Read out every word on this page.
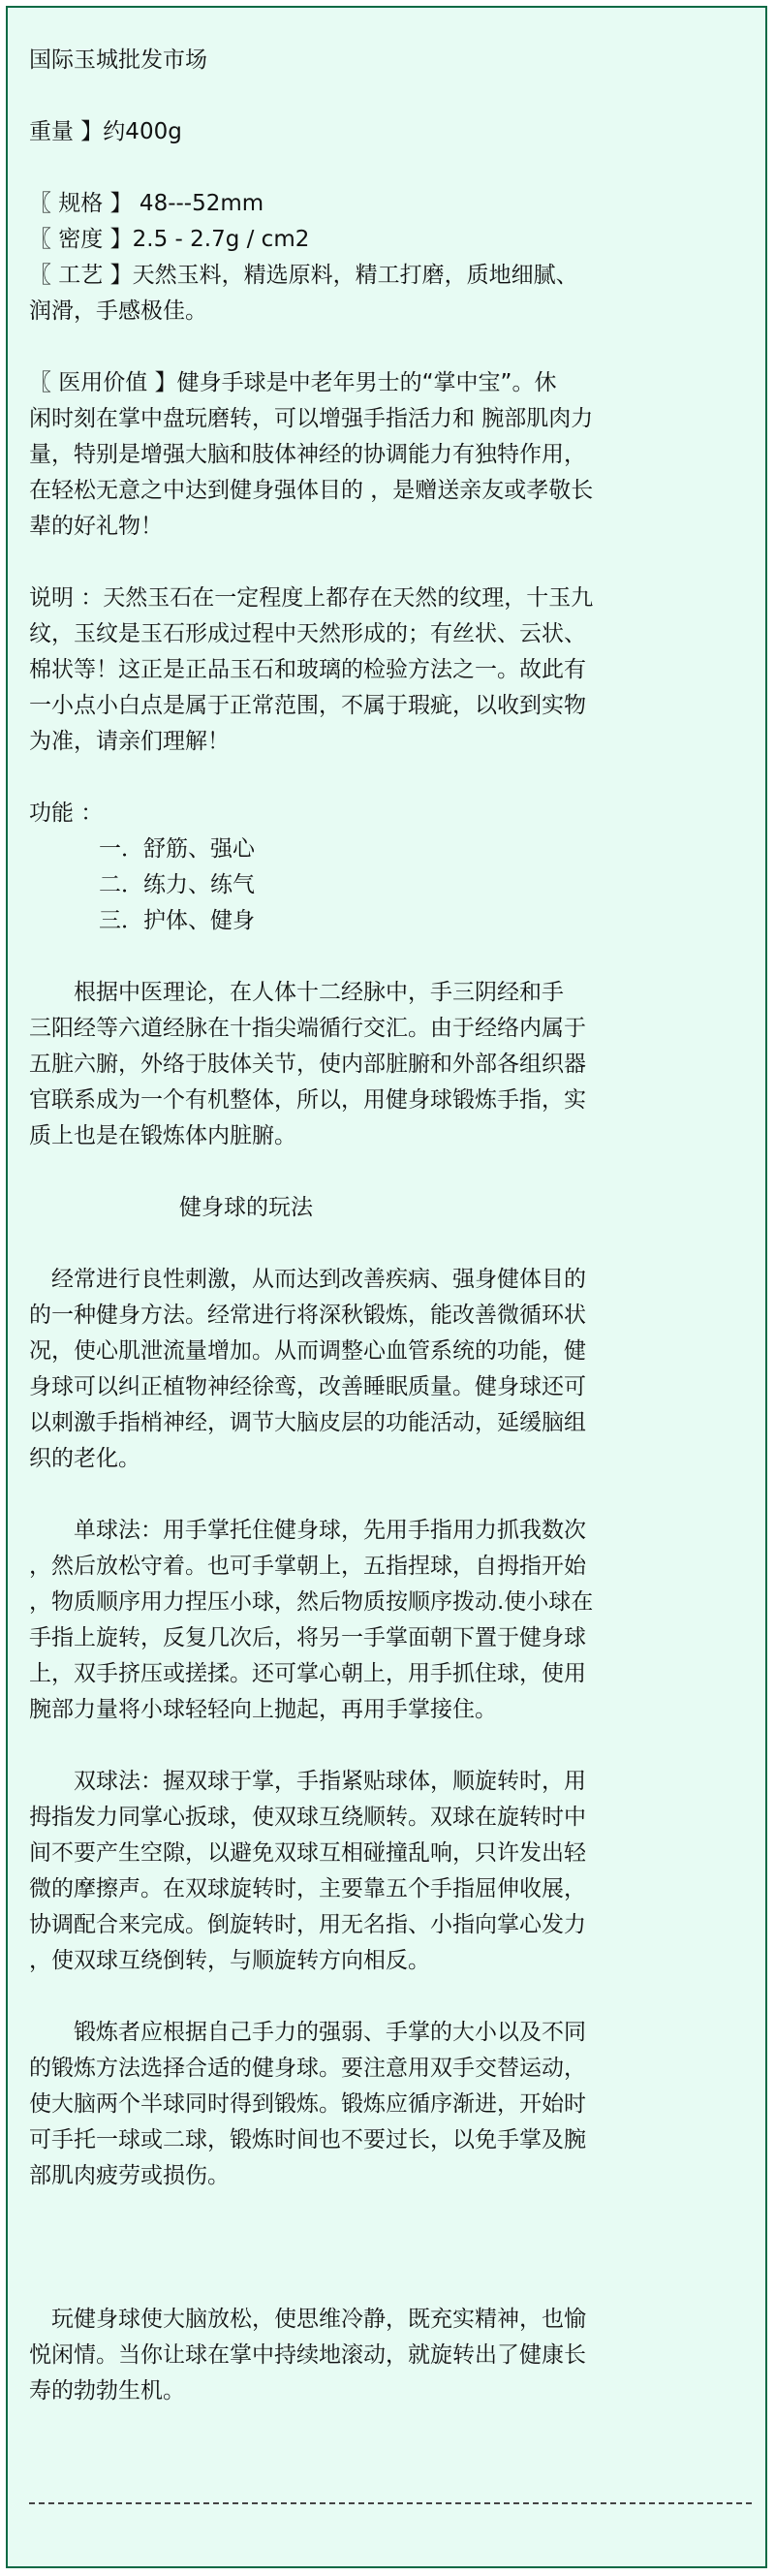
国际玉城批发市场

重量 】约400g

〖 规格 】 48---52mm

〖 密度 】2.5 - 2.7g / cm2

〖 工艺 】天然玉料，精选原料，精工打磨，质地细腻、

润滑，手感极佳。

〖 医用价值 】健身手球是中老年男士的“掌中宝”。休

闲时刻在掌中盘玩磨转，可以增强手指活力和 腕部肌肉力

量，特别是增强大脑和肢体神经的协调能力有独特作用，

在轻松无意之中达到健身强体目的 ，是赠送亲友或孝敬长

辈的好礼物！

说明 ：天然玉石在一定程度上都存在天然的纹理，十玉九

纹，玉纹是玉石形成过程中天然形成的；有丝状、云状、

棉状等！这正是正品玉石和玻璃的检验方法之一。故此有

一小点小白点是属于正常范围，不属于瑕疵，以收到实物

为准，请亲们理解！

功能 ：

一．舒筋、强心

二．练力、练气

三．护体、健身

　　根据中医理论，在人体十二经脉中，手三阴经和手

三阳经等六道经脉在十指尖端循行交汇。由于经络内属于

五脏六腑，外络于肢体关节，使内部脏腑和外部各组织器

官联系成为一个有机整体，所以，用健身球锻炼手指，实

质上也是在锻炼体内脏腑。

健身球的玩法

　经常进行良性刺激，从而达到改善疾病、强身健体目的

的一种健身方法。经常进行将深秋锻炼，能改善微循环状

况，使心肌泄流量增加。从而调整心血管系统的功能，健

身球可以纠正植物神经徐鸾，改善睡眠质量。健身球还可

以刺激手指梢神经，调节大脑皮层的功能活动，延缓脑组

织的老化。

　　单球法：用手掌托住健身球，先用手指用力抓我数次

，然后放松守着。也可手掌朝上，五指捏球，自拇指开始

，物质顺序用力捏压小球，然后物质按顺序拨动.使小球在

手指上旋转，反复几次后，将另一手掌面朝下置于健身球

上，双手挤压或搓揉。还可掌心朝上，用手抓住球，使用

腕部力量将小球轻轻向上抛起，再用手掌接住。

　　双球法：握双球于掌，手指紧贴球体，顺旋转时，用

拇指发力同掌心扳球，使双球互绕顺转。双球在旋转时中

间不要产生空隙，以避免双球互相碰撞乱响，只许发出轻

微的摩擦声。在双球旋转时，主要靠五个手指屈伸收展，

协调配合来完成。倒旋转时，用无名指、小指向掌心发力

，使双球互绕倒转，与顺旋转方向相反。

　　锻炼者应根据自己手力的强弱、手掌的大小以及不同

的锻炼方法选择合适的健身球。要注意用双手交替运动，

使大脑两个半球同时得到锻炼。锻炼应循序渐进，开始时

可手托一球或二球，锻炼时间也不要过长，以免手掌及腕

部肌肉疲劳或损伤。

　玩健身球使大脑放松，使思维冷静，既充实精神，也愉

悦闲情。当你让球在掌中持续地滚动，就旋转出了健康长

寿的勃勃生机。
